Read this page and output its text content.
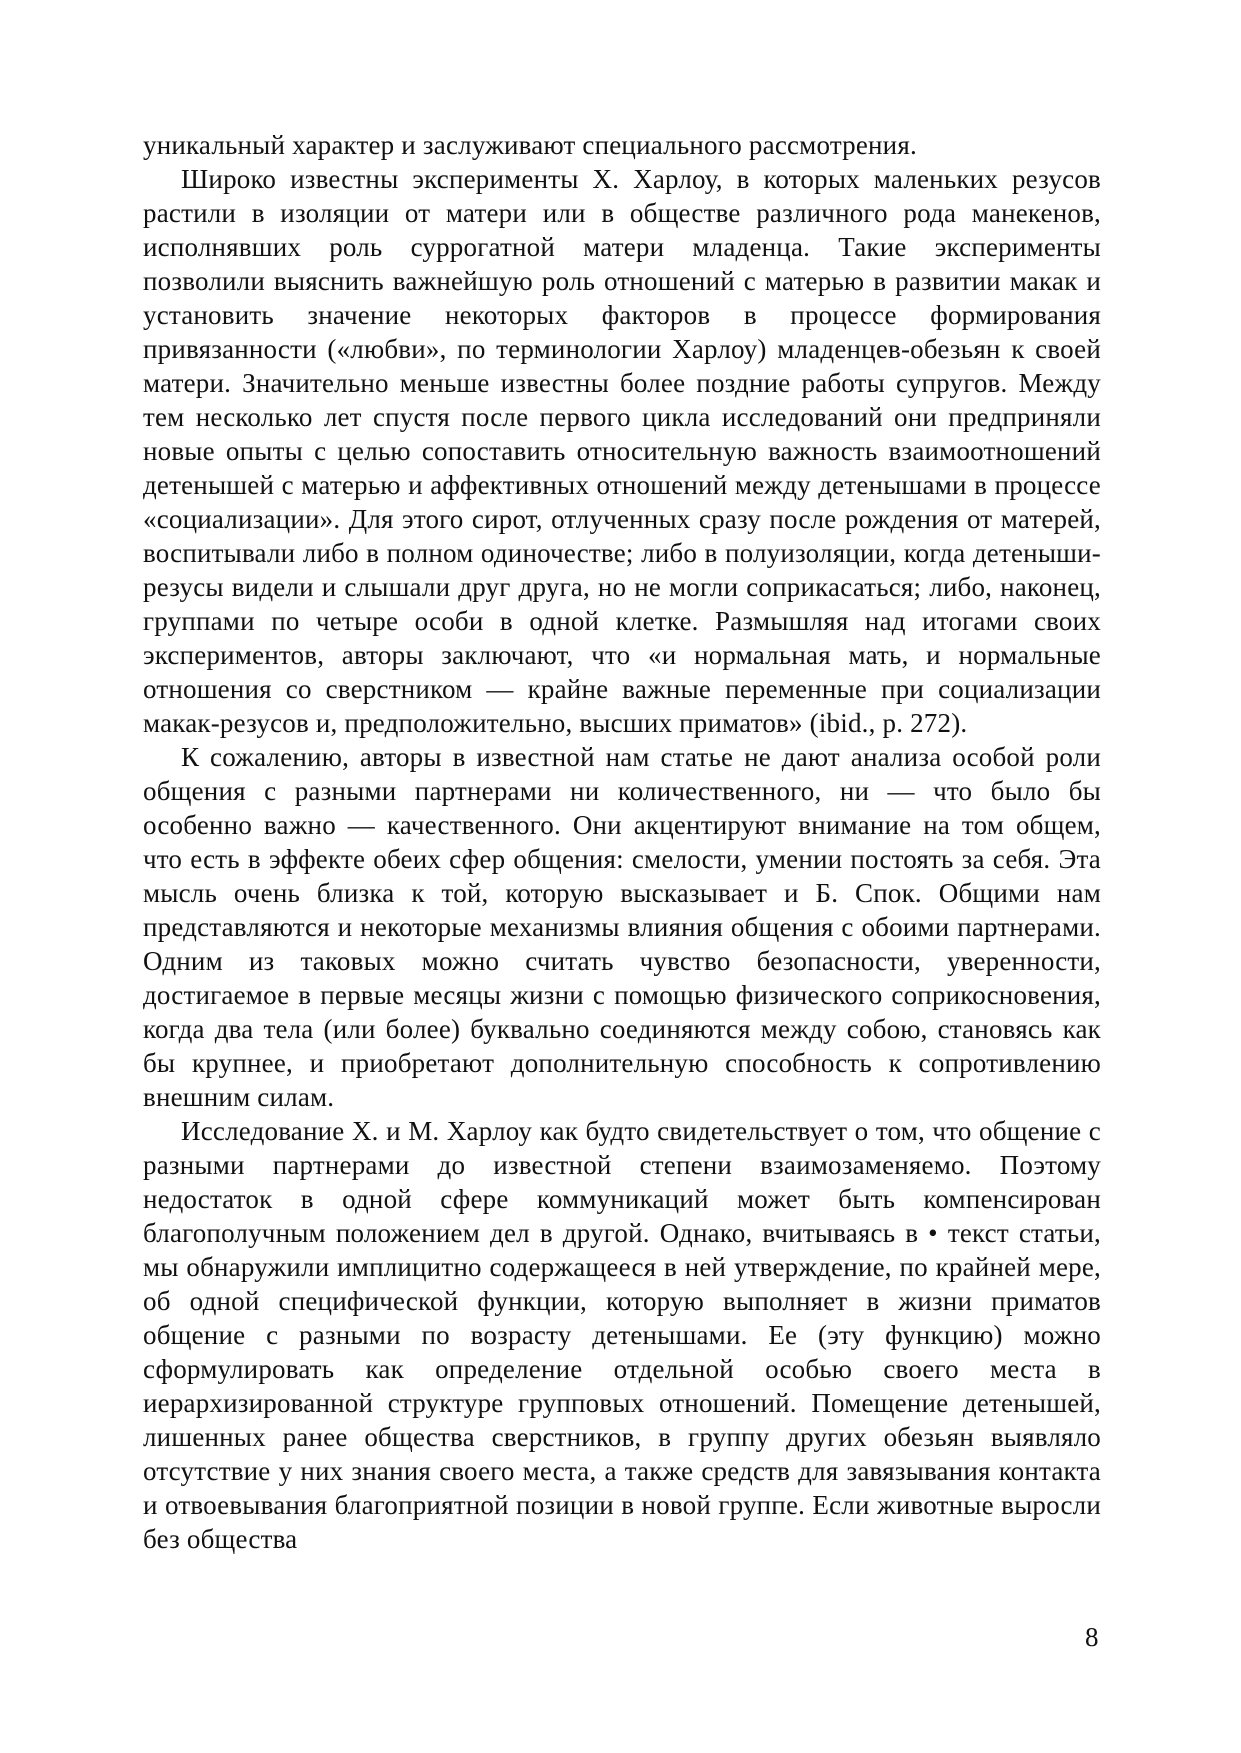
уникальный характер и заслуживают специального рассмотрения.

Широко известны эксперименты X. Харлоу, в которых маленьких резусов растили в изоляции от матери или в обществе различного рода манекенов, исполнявших роль суррогатной матери младенца. Такие эксперименты позволили выяснить важнейшую роль отношений с матерью в развитии макак и установить значение некоторых факторов в процессе формирования привязанности («любви», по терминологии Харлоу) младенцев-обезьян к своей матери. Значительно меньше известны более поздние работы супругов. Между тем несколько лет спустя после первого цикла исследований они предприняли новые опыты с целью сопоставить относительную важность взаимоотношений детенышей с матерью и аффективных отношений между детенышами в процессе «социализации». Для этого сирот, отлученных сразу после рождения от матерей, воспитывали либо в полном одиночестве; либо в полуизоляции, когда детеныши-резусы видели и слышали друг друга, но не могли соприкасаться; либо, наконец, группами по четыре особи в одной клетке. Размышляя над итогами своих экспериментов, авторы заключают, что «и нормальная мать, и нормальные отношения со сверстником — крайне важные переменные при социализации макак-резусов и, предположительно, высших приматов» (ibid., p. 272).

К сожалению, авторы в известной нам статье не дают анализа особой роли общения с разными партнерами ни количественного, ни — что было бы особенно важно — качественного. Они акцентируют внимание на том общем, что есть в эффекте обеих сфер общения: смелости, умении постоять за себя. Эта мысль очень близка к той, которую высказывает и Б. Спок. Общими нам представляются и некоторые механизмы влияния общения с обоими партнерами. Одним из таковых можно считать чувство безопасности, уверенности, достигаемое в первые месяцы жизни с помощью физического соприкосновения, когда два тела (или более) буквально соединяются между собою, становясь как бы крупнее, и приобретают дополнительную способность к сопротивлению внешним силам.

Исследование X. и М. Харлоу как будто свидетельствует о том, что общение с разными партнерами до известной степени взаимозаменяемо. Поэтому недостаток в одной сфере коммуникаций может быть компенсирован благополучным положением дел в другой. Однако, вчитываясь в • текст статьи, мы обнаружили имплицитно содержащееся в ней утверждение, по крайней мере, об одной специфической функции, которую выполняет в жизни приматов общение с разными по возрасту детенышами. Ее (эту функцию) можно сформулировать как определение отдельной особью своего места в иерархизированной структуре групповых отношений. Помещение детенышей, лишенных ранее общества сверстников, в группу других обезьян выявляло отсутствие у них знания своего места, а также средств для завязывания контакта и отвоевывания благоприятной позиции в новой группе. Если животные выросли без общества

8
